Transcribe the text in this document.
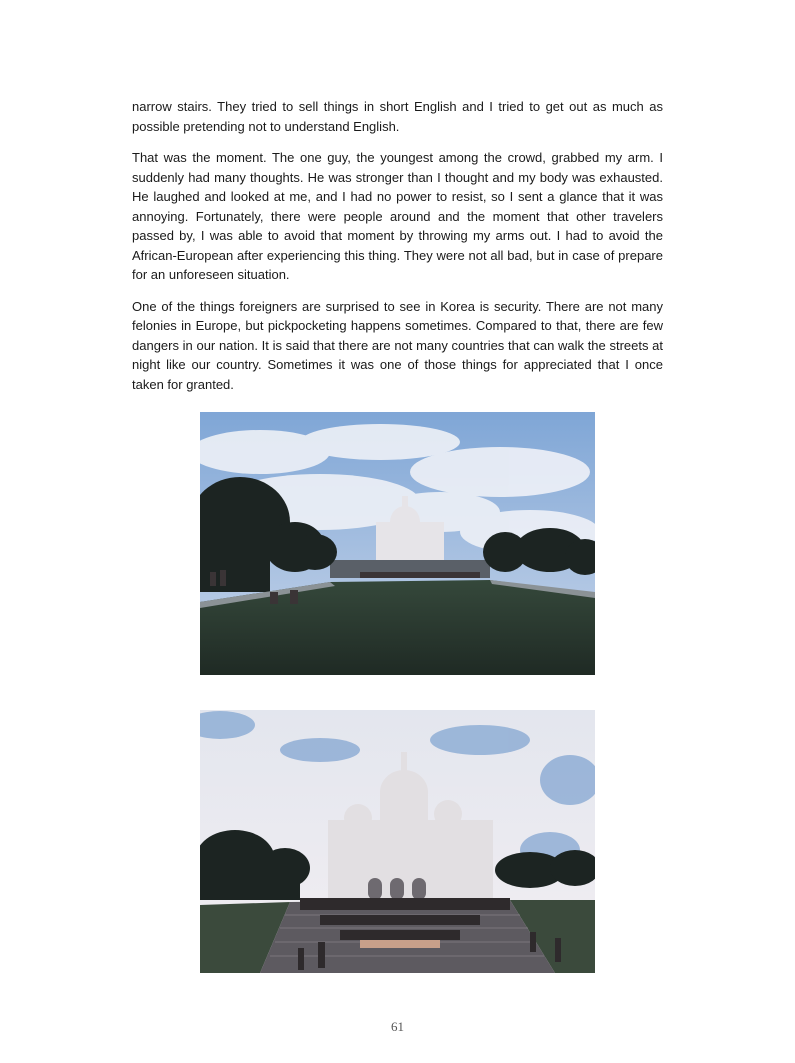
narrow stairs. They tried to sell things in short English and I tried to get out as much as possible pretending not to understand English.

That was the moment. The one guy, the youngest among the crowd, grabbed my arm. I suddenly had many thoughts. He was stronger than I thought and my body was exhausted. He laughed and looked at me, and I had no power to resist, so I sent a glance that it was annoying. Fortunately, there were people around and the moment that other travelers passed by, I was able to avoid that moment by throwing my arms out. I had to avoid the African-European after experiencing this thing. They were not all bad, but in case of prepare for an unforeseen situation.

One of the things foreigners are surprised to see in Korea is security. There are not many felonies in Europe, but pickpocketing happens sometimes. Compared to that, there are few dangers in our nation. It is said that there are not many countries that can walk the streets at night like our country. Sometimes it was one of those things for appreciated that I once taken for granted.

61
